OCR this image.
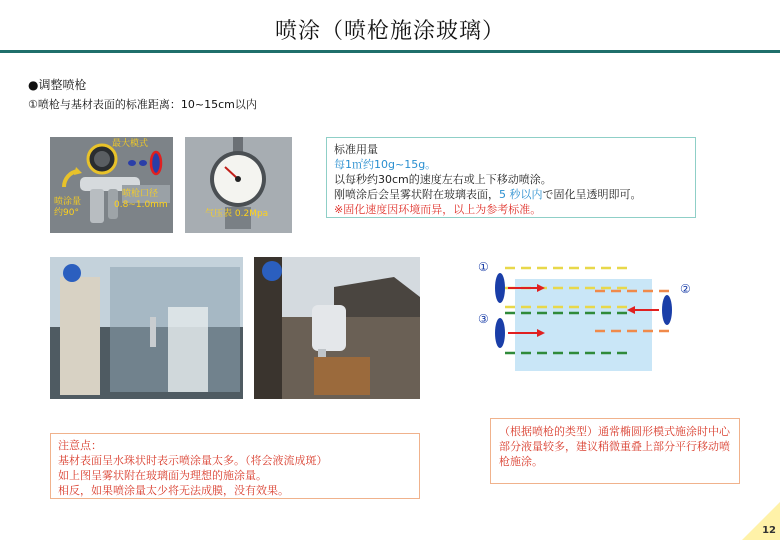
喷涂（喷枪施涂玻璃）
●调整喷枪
①喷枪与基材表面的标准距离：10~15cm以内
最大模式
喷涂量
约90°
喷枪口径
0.8~1.0mm
气压表 0.2Mpa
标准用量
每1㎡约10g~15g。
以每秒约30cm的速度左右或上下移动喷涂。
刚喷涂后会呈雾状附在玻璃表面，5 秒以内で固化呈透明即可。
※固化速度因环境而异，以上为参考标准。
①
②
③
注意点：
基材表面呈水珠状时表示喷涂量太多。（将会液流成斑）
如上图呈雾状附在玻璃面为理想的施涂量。
相反，如果喷涂量太少将无法成膜，没有效果。
（根据喷枪的类型）通常椭圆形模式施涂时中心部分液量较多，建议稍微重叠上部分平行移动喷枪施涂。
12
